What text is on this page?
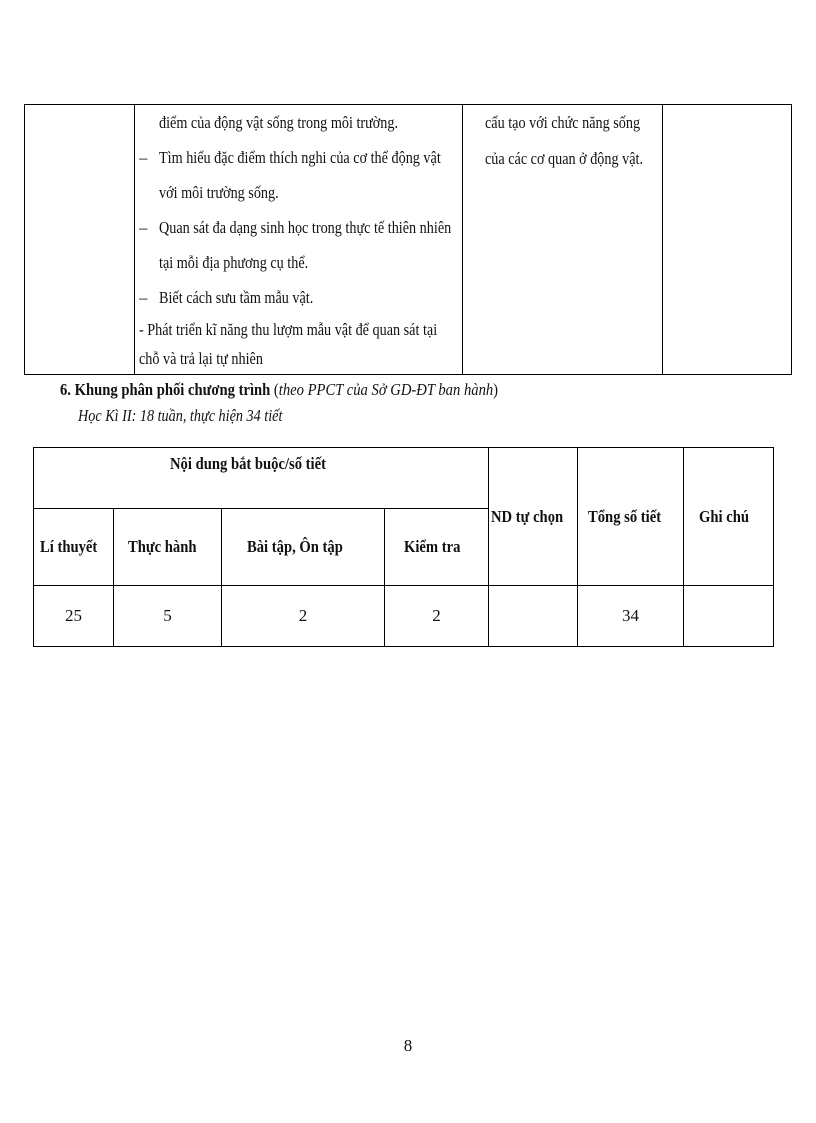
điểm của động vật sống trong môi trường.
– Tìm hiểu đặc điểm thích nghi của cơ thể động vật
với môi trường sống.
– Quan sát đa dạng sinh học trong thực tế thiên nhiên
tại mỗi địa phương cụ thể.
– Biết cách sưu tầm mẫu vật.
- Phát triển kĩ năng thu lượm mẫu vật để quan sát tại
chỗ và trả lại tự nhiên

cấu tạo với chức năng sống
của các cơ quan ở động vật.

6. Khung phân phối chương trình (theo PPCT của Sở GD-ĐT ban hành)
Học Kì II: 18 tuần, thực hiện 34 tiết
Nội dung bắt buộc/số tiết				ND tự chọn	Tổng số tiết	Ghi chú
Lí thuyết	Thực hành	Bài tập, Ôn tập	Kiểm tra			
25	5	2	2		34	
8
